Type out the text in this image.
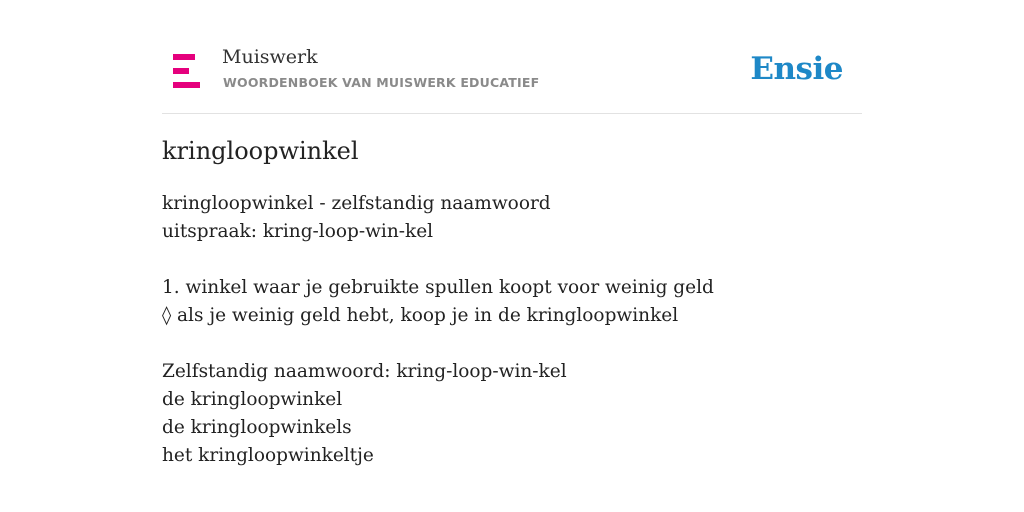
Muiswerk
WOORDENBOEK VAN MUISWERK EDUCATIEF	Ensie
kringloopwinkel
kringloopwinkel - zelfstandig naamwoord
uitspraak: kring-loop-win-kel
1. winkel waar je gebruikte spullen koopt voor weinig geld
◊ als je weinig geld hebt, koop je in de kringloopwinkel
Zelfstandig naamwoord: kring-loop-win-kel
de kringloopwinkel
de kringloopwinkels
het kringloopwinkeltje
